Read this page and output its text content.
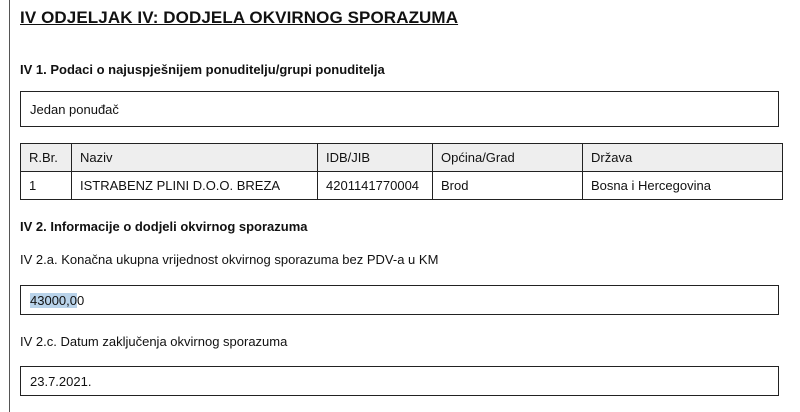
IV ODJELJAK IV: DODJELA OKVIRNOG SPORAZUMA
IV 1. Podaci o najuspješnijem ponuditelju/grupi ponuditelja
Jedan ponuđač
R.Br.	Naziv	IDB/JIB	Općina/Grad	Država
1	ISTRABENZ PLINI D.O.O. BREZA	4201141770004	Brod	Bosna i Hercegovina
IV 2. Informacije o dodjeli okvirnog sporazuma
IV 2.a. Konačna ukupna vrijednost okvirnog sporazuma bez PDV-a u KM
43000,0 0
IV 2.c. Datum zaključenja okvirnog sporazuma
23.7.2021.
